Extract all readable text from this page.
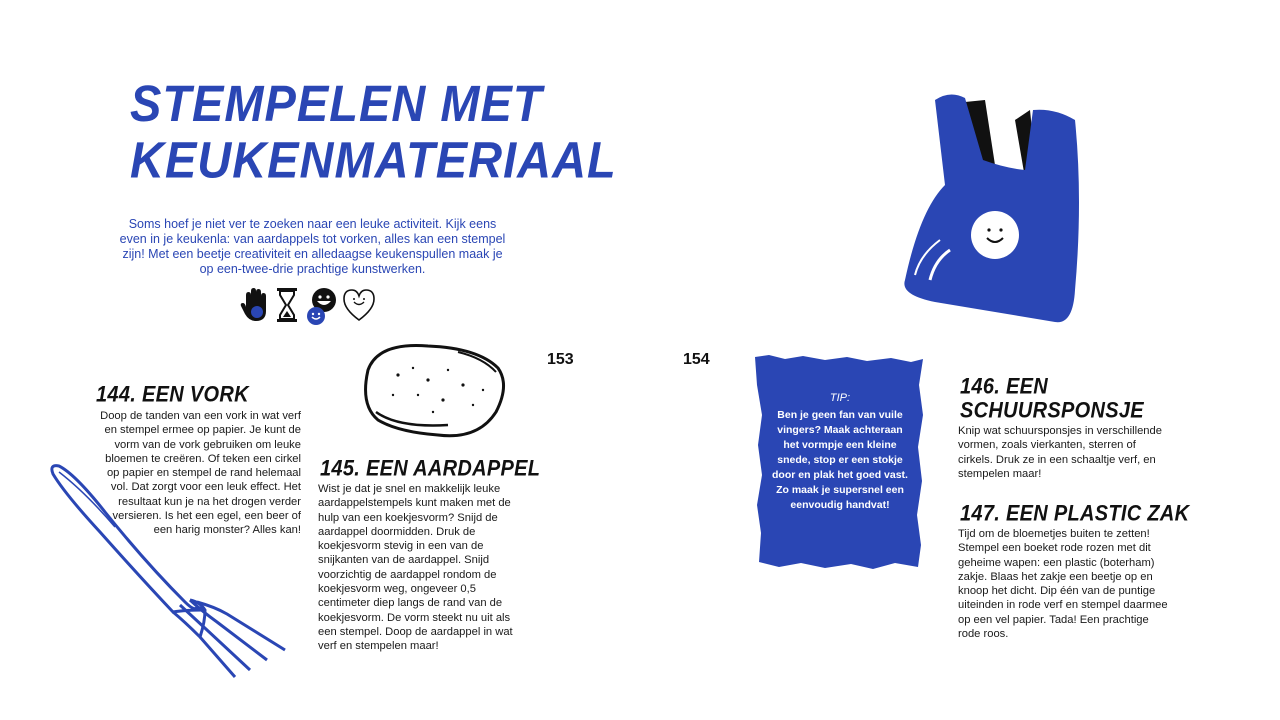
STEMPELEN MET
KEUKENMATERIAAL
Soms hoef je niet ver te zoeken naar een leuke activiteit. Kijk eens even in je keukenla: van aardappels tot vorken, alles kan een stempel zijn! Met een beetje creativiteit en alledaagse keukenspullen maak je op een-twee-drie prachtige kunstwerken.
144. EEN VORK
Doop de tanden van een vork in wat verf en stempel ermee op papier. Je kunt de vorm van de vork gebruiken om leuke bloemen te creëren. Of teken een cirkel op papier en stempel de rand helemaal vol. Dat zorgt voor een leuk effect. Het resultaat kun je na het drogen verder versieren. Is het een egel, een beer of een harig monster? Alles kan!
145. EEN AARDAPPEL
Wist je dat je snel en makkelijk leuke aardappelstempels kunt maken met de hulp van een koekjesvorm? Snijd de aardappel doormidden. Druk de koekjesvorm stevig in een van de snijkanten van de aardappel. Snijd voorzichtig de aardappel rondom de koekjesvorm weg, ongeveer 0,5 centimeter diep langs de rand van de koekjesvorm. De vorm steekt nu uit als een stempel. Doop de aardappel in wat verf en stempelen maar!
153	154
TIP:
Ben je geen fan van vuile vingers? Maak achteraan het vormpje een kleine snede, stop er een stokje door en plak het goed vast. Zo maak je supersnel een eenvoudig handvat!
146. EEN
SCHUURSPONSJE
Knip wat schuursponsjes in verschillende vormen, zoals vierkanten, sterren of cirkels. Druk ze in een schaaltje verf, en stempelen maar!
147. EEN PLASTIC ZAK
Tijd om de bloemetjes buiten te zetten! Stempel een boeket rode rozen met dit geheime wapen: een plastic (boterham) zakje. Blaas het zakje een beetje op en knoop het dicht. Dip één van de puntige uiteinden in rode verf en stempel daarmee op een vel papier. Tada! Een prachtige rode roos.
